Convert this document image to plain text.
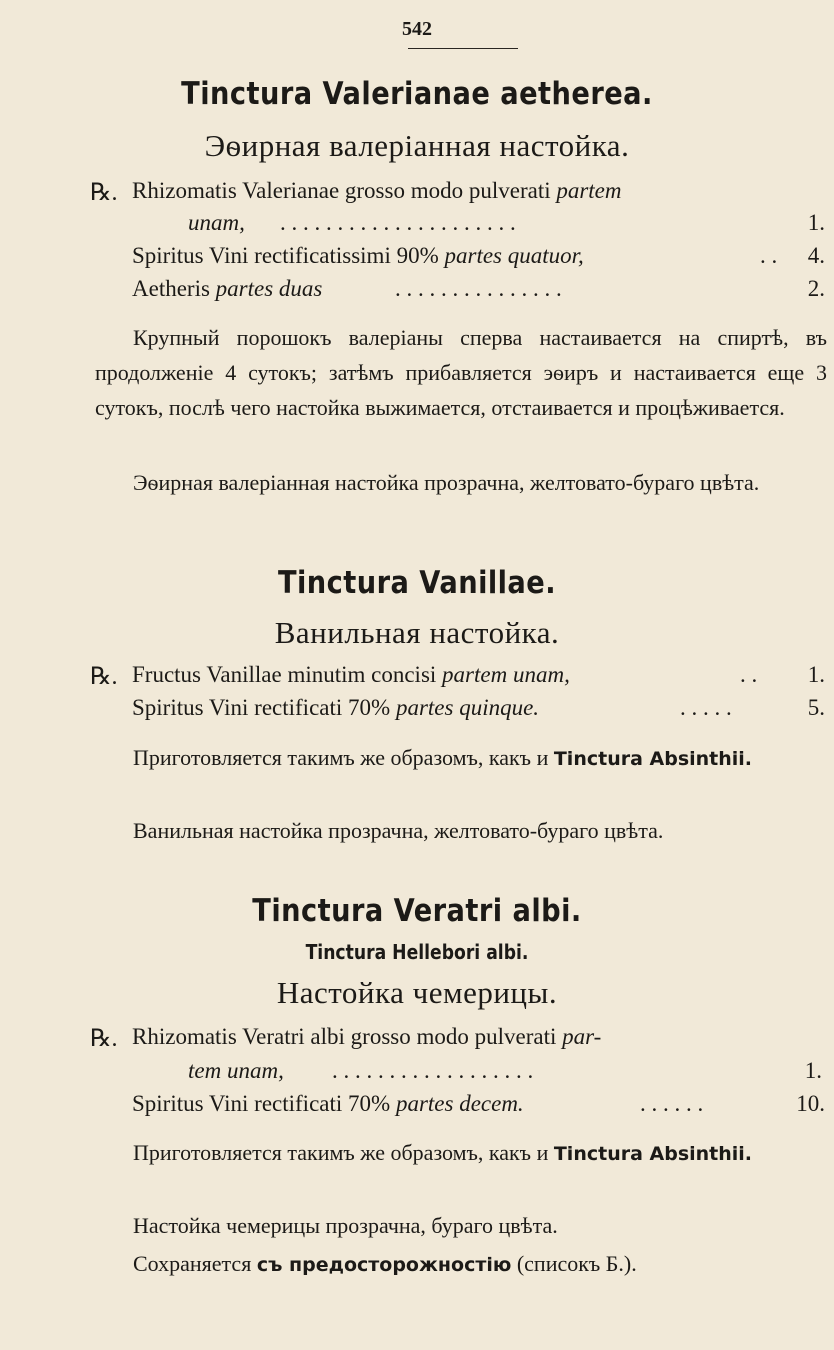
542
Tinctura Valerianae aetherea.
Эѳирная валеріанная настойка.
℞. Rhizomatis Valerianae grosso modo pulverati partem
unam, . . . . . . . . . . . . . . . . . . . . .	1.
Spiritus Vini rectificatissimi 90% partes quatuor,	. .	4.
Aetheris partes duas	. . . . . . . . . . . . . . .	2.
Крупный порошокъ валеріаны сперва настаивается на спиртѣ, въ продолженіе 4 сутокъ; затѣмъ прибавляется эѳиръ и настаивается еще 3 сутокъ, послѣ чего настойка выжимается, отстаивается и процѣживается.
Эѳирная валеріанная настойка прозрачна, желтовато-бураго цвѣта.
Tinctura Vanillae.
Ванильная настойка.
℞. Fructus Vanillae minutim concisi partem unam,	. .	1.
Spiritus Vini rectificati 70% partes quinque.	. . . . .	5.
Приготовляется такимъ же образомъ, какъ и Tinctura Absinthii.
Ванильная настойка прозрачна, желтовато-бураго цвѣта.
Tinctura Veratri albi.
Tinctura Hellebori albi.
Настойка чемерицы.
℞. Rhizomatis Veratri albi grosso modo pulverati par-
tem unam, . . . . . . . . . . . . . . . . . .	1.
Spiritus Vini rectificati 70% partes decem.	. . . . . .	10.
Приготовляется такимъ же образомъ, какъ и Tinctura Absinthii.
Настойка чемерицы прозрачна, бураго цвѣта.
Сохраняется съ предосторожностію (списокъ Б.).
